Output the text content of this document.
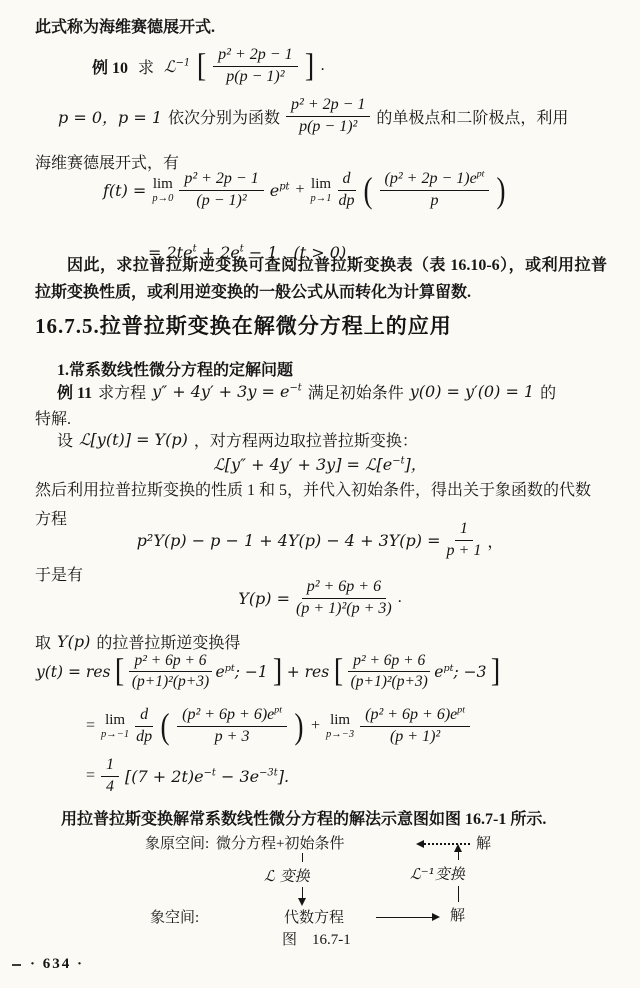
此式称为海维赛德展开式.
例 10 求 ℒ$^{-1}$ [ $\frac{\text{p² + 2p − 1}}{\text{p(p − 1)²}}$ ] .
p = 0，p = 1 依次分别为函数 $\frac{\text{p² + 2p − 1}}{\text{p(p − 1)²}}$ 的单极点和二阶极点，利用
海维赛德展开式，有
f(t) = lim
$p\to 0 \frac{\text{p² + 2p − 1}}{\text{(p − 1)²}} e^{pt} + \lim$
$p\to 1 \frac{d}{dp}$ ( $\frac{(p^2 + 2p - 1)e^{pt}}{p}$ )
= $2te^t + 2e^t - 1$　(t > 0).
因此，求拉普拉斯逆变换可查阅拉普拉斯变换表（表 16.10-6），或利用拉普拉斯变换性质，或利用逆变换的一般公式从而转化为计算留数.
16.7.5.拉普拉斯变换在解微分方程上的应用
1.常系数线性微分方程的定解问题
例 11 求方程 $y'' + 4y' + 3y = e^{-t}$ 满足初始条件 y(0) = y′(0) = 1 的
特解.
设 ℒ[y(t)] = Y(p) ，对方程两边取拉普拉斯变换：
ℒ[y″ + $4y' + 3y] = ℒ[e^{-t}]$，
然后利用拉普拉斯变换的性质 1 和 5，并代入初始条件，得出关于象函数的代数
方程
$p^2Y(p) - p - 1 + 4Y(p) - 4 + 3Y(p) = \frac{1}{p + 1}$ ，
于是有
$Y(p) = \frac{\text{p² + 6p + 6}}{\text{(p + 1)²(p + 3)}}$ .
取 Y(p) 的拉普拉斯逆变换得
y(t) = res [ $\frac{\text{p² + 6p + 6}}{\text{(p+1)²(p+3)}} e^{pt}$; −1 ] + res [ $\frac{\text{p² + 6p + 6}}{\text{(p+1)²(p+3)}} e^{pt}$; −3 ]
= lim
$p\to-1 \frac{d}{dp}$ ( $\frac{(p^2 + 6p + 6)e^{pt}}{p + 3}$ ) + lim
$p\to-3 \frac{(p^2 + 6p + 6)e^{pt}}{\text{(p + 1)²}}$
= $\frac{1}{4} [(7 + 2t)e^{-t} - 3e^{-3t}]$.
用拉普拉斯变换解常系数线性微分方程的解法示意图如图 16.7-1 所示.
象原空间: 微分方程+初始条件	解
ℒ 变换	ℒ⁻¹变换
象空间:	代数方程	解
图　16.7-1
· 634 ·
